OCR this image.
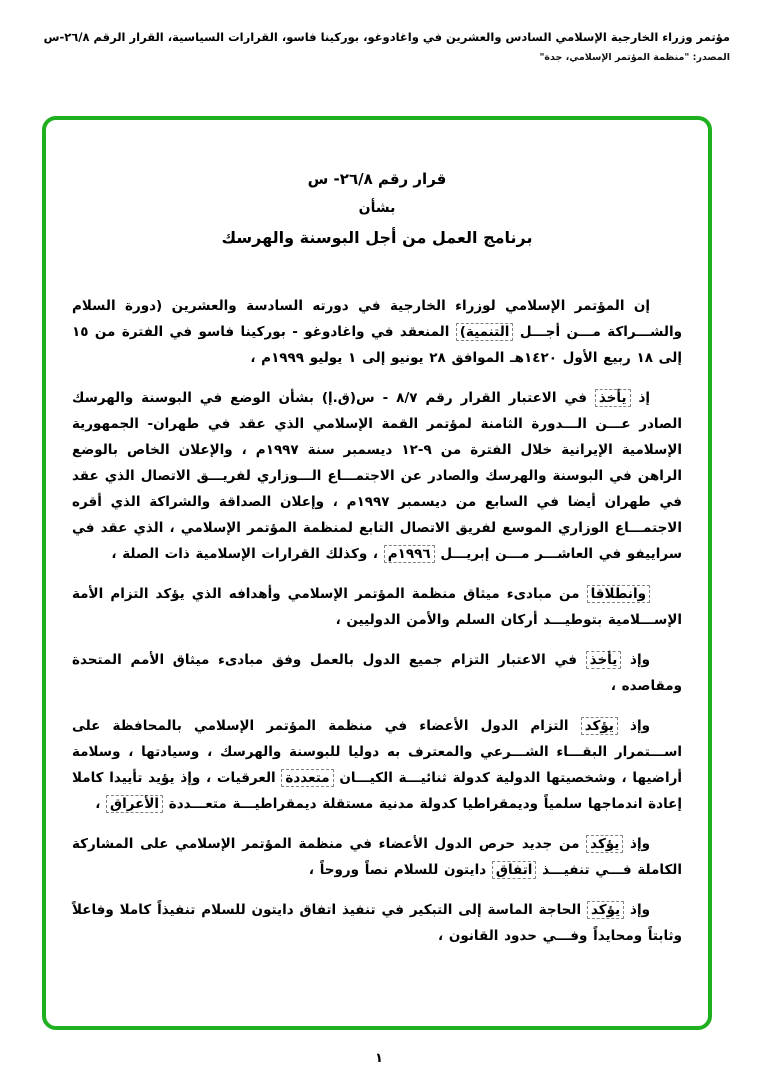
مؤتمر وزراء الخارجية الإسلامي السادس والعشرين في واغادوغو، بوركينا فاسو، القرارات السياسية، القرار الرقم ٢٦/٨-س
المصدر: "منظمة المؤتمر الإسلامي، جدة"
قرار رقم ٢٦/٨- س
بشأن
برنامج العمل من أجل البوسنة والهرسك

إن المؤتمر الإسلامي لوزراء الخارجية في دورته السادسة والعشرين (دورة السلام والشـــراكة مـــن أجـــل التنمية) المنعقد في واغادوغو - بوركينا فاسو في الفترة من ١٥ إلى ١٨ ربيع الأول ١٤٢٠هـ الموافق ٢٨ يونيو إلى ١ يوليو ١٩٩٩م ،

إذ يأخذ في الاعتبار القرار رقم ٨/٧ - س(ق.إ) بشأن الوضع في البوسنة والهرسك الصادر عـــن الـــدورة الثامنة لمؤتمر القمة الإسلامي الذي عقد في طهران- الجمهورية الإسلامية الإيرانية خلال الفترة من ٩-١٢ ديسمبر سنة ١٩٩٧م ، والإعلان الخاص بالوضع الراهن في البوسنة والهرسك والصادر عن الاجتمـــاع الـــوزاري لفريـــق الاتصال الذي عقد في طهران أيضا في السابع من ديسمبر ١٩٩٧م ، وإعلان الصداقة والشراكة الذي أقره الاجتمـــاع الوزاري الموسع لفريق الاتصال التابع لمنظمة المؤتمر الإسلامي ، الذي عقد في سراييفو في العاشـــر مـــن إبريـــل ١٩٩٦م ، وكذلك القرارات الإسلامية ذات الصلة ،

وانطلاقا من مبادىء ميثاق منظمة المؤتمر الإسلامي وأهدافه الذي يؤكد التزام الأمة الإســـلامية بتوطيـــد أركان السلم والأمن الدوليين ،

وإذ يأخذ في الاعتبار التزام جميع الدول بالعمل وفق مبادىء ميثاق الأمم المتحدة ومقاصده ،

وإذ يؤكد التزام الدول الأعضاء في منظمة المؤتمر الإسلامي بالمحافظة على اســـتمرار البقـــاء الشـــرعي والمعترف به دوليا للبوسنة والهرسك ، وسيادتها ، وسلامة أراضيها ، وشخصيتها الدولية كدولة ثنائيـــة الكيـــان متعددة العرقيات ، وإذ يؤيد تأييدا كاملا إعادة اندماجها سلمياً وديمقراطيا كدولة مدنية مستقلة ديمقراطيـــة متعـــددة الأعراق ،

وإذ يؤكد من جديد حرص الدول الأعضاء في منظمة المؤتمر الإسلامي على المشاركة الكاملة فـــي تنفيـــذ اتفاق دايتون للسلام نصاً وروحاً ،

وإذ يؤكد الحاجة الماسة إلى التبكير في تنفيذ اتفاق دايتون للسلام تنفيذاً كاملا وفاعلاً وثابتاً ومحايداً وفـــي حدود القانون ،

١
